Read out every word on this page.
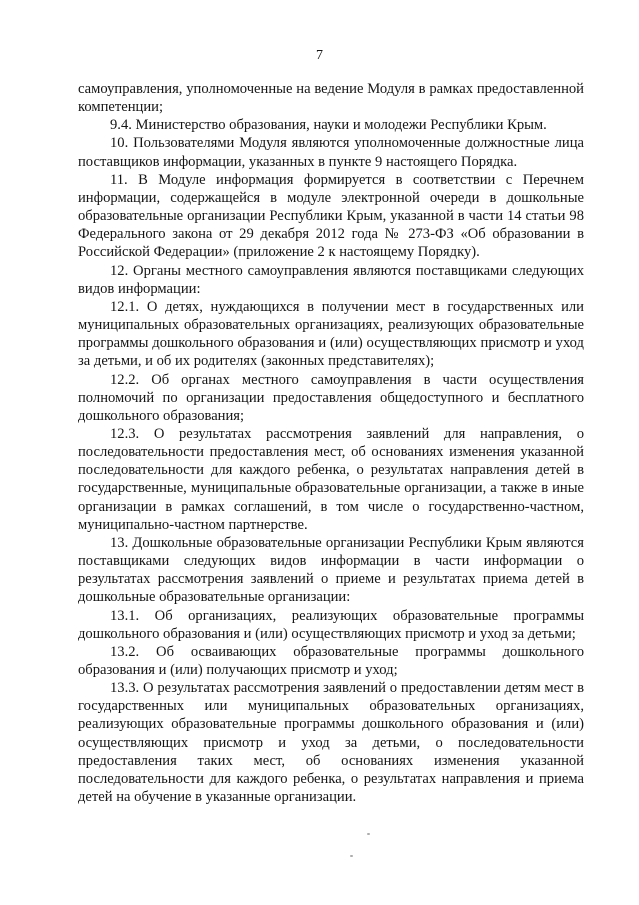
7

самоуправления, уполномоченные на ведение Модуля в рамках предоставленной компетенции;

9.4. Министерство образования, науки и молодежи Республики Крым.

10. Пользователями Модуля являются уполномоченные должностные лица поставщиков информации, указанных в пункте 9 настоящего Порядка.

11. В Модуле информация формируется в соответствии с Перечнем информации, содержащейся в модуле электронной очереди в дошкольные образовательные организации Республики Крым, указанной в части 14 статьи 98 Федерального закона от 29 декабря 2012 года № 273-ФЗ «Об образовании в Российской Федерации» (приложение 2 к настоящему Порядку).

12. Органы местного самоуправления являются поставщиками следующих видов информации:

12.1. О детях, нуждающихся в получении мест в государственных или муниципальных образовательных организациях, реализующих образовательные программы дошкольного образования и (или) осуществляющих присмотр и уход за детьми, и об их родителях (законных представителях);

12.2. Об органах местного самоуправления в части осуществления полномочий по организации предоставления общедоступного и бесплатного дошкольного образования;

12.3. О результатах рассмотрения заявлений для направления, о последовательности предоставления мест, об основаниях изменения указанной последовательности для каждого ребенка, о результатах направления детей в государственные, муниципальные образовательные организации, а также в иные организации в рамках соглашений, в том числе о государственно-частном, муниципально-частном партнерстве.

13. Дошкольные образовательные организации Республики Крым являются поставщиками следующих видов информации в части информации о результатах рассмотрения заявлений о приеме и результатах приема детей в дошкольные образовательные организации:

13.1. Об организациях, реализующих образовательные программы дошкольного образования и (или) осуществляющих присмотр и уход за детьми;

13.2. Об осваивающих образовательные программы дошкольного образования и (или) получающих присмотр и уход;

13.3. О результатах рассмотрения заявлений о предоставлении детям мест в государственных или муниципальных образовательных организациях, реализующих образовательные программы дошкольного образования и (или) осуществляющих присмотр и уход за детьми, о последовательности предоставления таких мест, об основаниях изменения указанной последовательности для каждого ребенка, о результатах направления и приема детей на обучение в указанные организации.
